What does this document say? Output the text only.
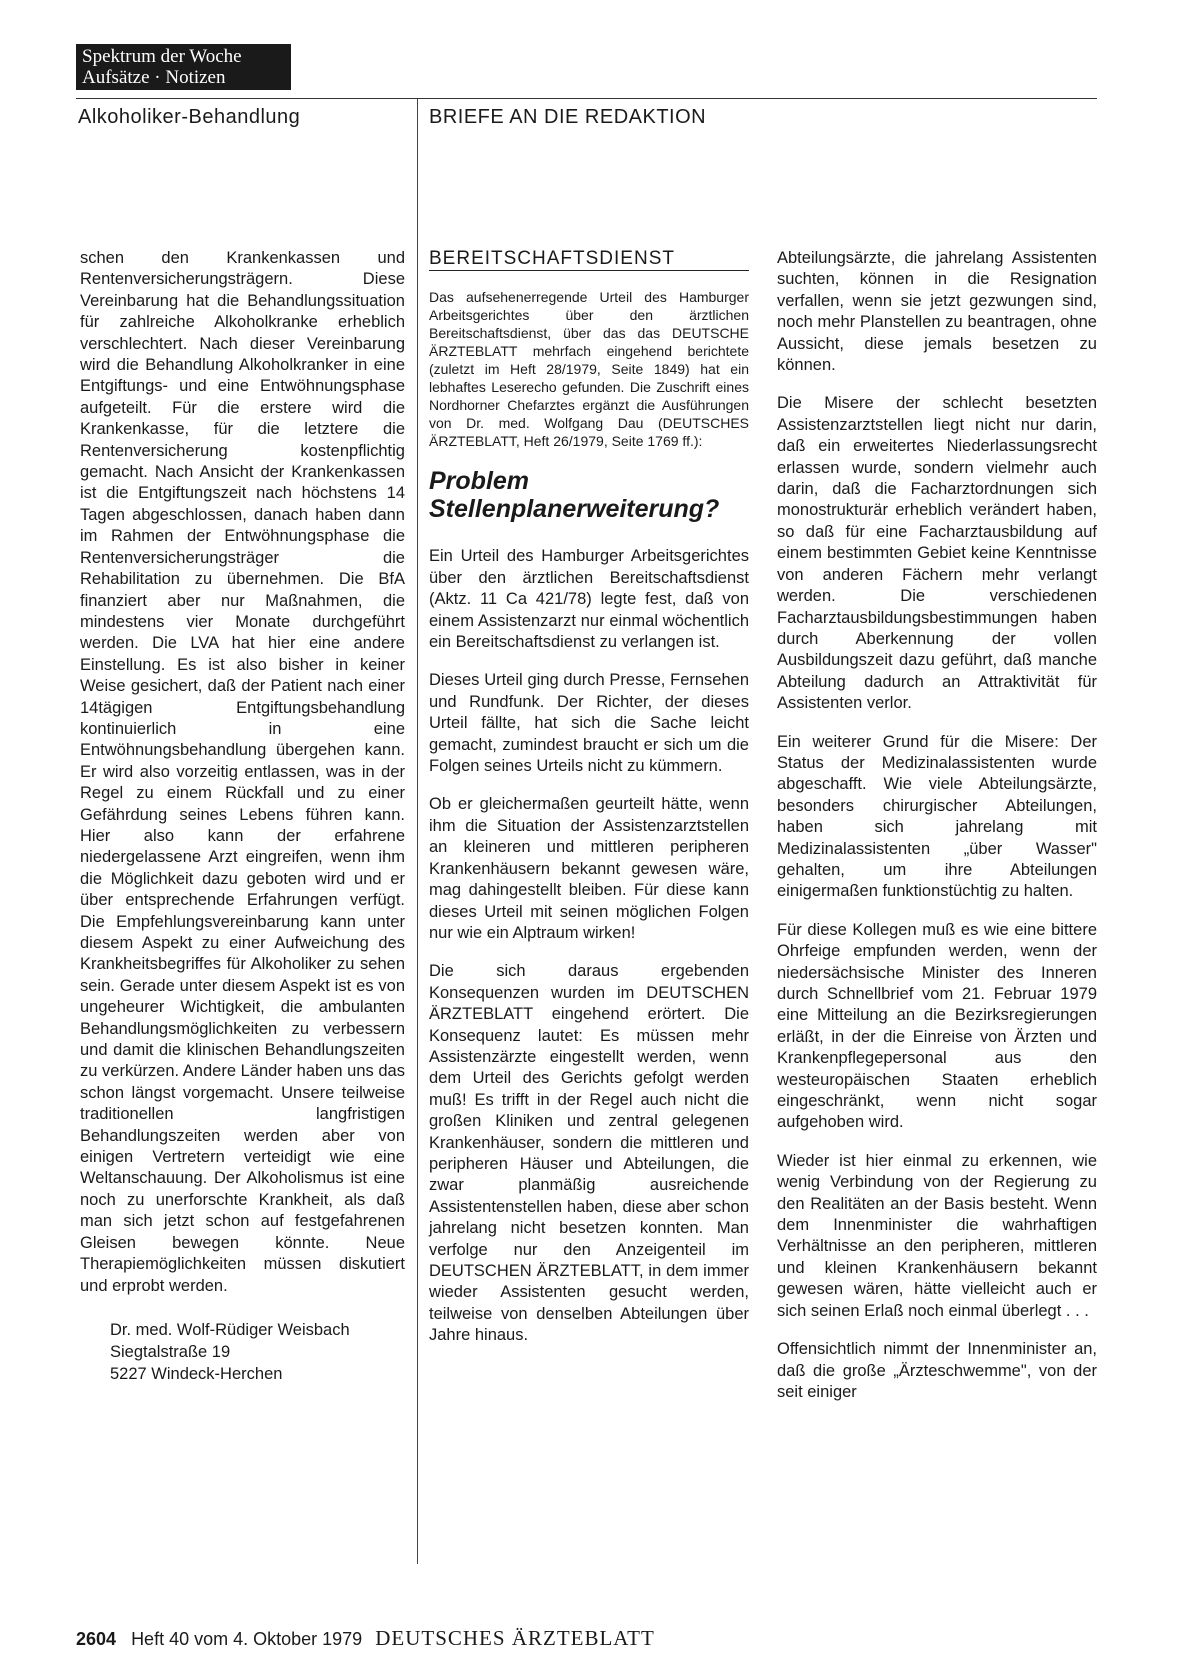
Spektrum der Woche
Aufsätze · Notizen
Alkoholiker-Behandlung	BRIEFE AN DIE REDAKTION

schen den Krankenkassen und Rentenversicherungsträgern. Diese Vereinbarung hat die Behandlungssituation für zahlreiche Alkoholkranke erheblich verschlechtert. Nach dieser Vereinbarung wird die Behandlung Alkoholkranker in eine Entgiftungs- und eine Entwöhnungsphase aufgeteilt. Für die erstere wird die Krankenkasse, für die letztere die Rentenversicherung kostenpflichtig gemacht. Nach Ansicht der Krankenkassen ist die Entgiftungszeit nach höchstens 14 Tagen abgeschlossen, danach haben dann im Rahmen der Entwöhnungsphase die Rentenversicherungsträger die Rehabilitation zu übernehmen. Die BfA finanziert aber nur Maßnahmen, die mindestens vier Monate durchgeführt werden. Die LVA hat hier eine andere Einstellung. Es ist also bisher in keiner Weise gesichert, daß der Patient nach einer 14tägigen Entgiftungsbehandlung kontinuierlich in eine Entwöhnungsbehandlung übergehen kann. Er wird also vorzeitig entlassen, was in der Regel zu einem Rückfall und zu einer Gefährdung seines Lebens führen kann. Hier also kann der erfahrene niedergelassene Arzt eingreifen, wenn ihm die Möglichkeit dazu geboten wird und er über entsprechende Erfahrungen verfügt. Die Empfehlungsvereinbarung kann unter diesem Aspekt zu einer Aufweichung des Krankheitsbegriffes für Alkoholiker zu sehen sein. Gerade unter diesem Aspekt ist es von ungeheurer Wichtigkeit, die ambulanten Behandlungsmöglichkeiten zu verbessern und damit die klinischen Behandlungszeiten zu verkürzen. Andere Länder haben uns das schon längst vorgemacht. Unsere teilweise traditionellen langfristigen Behandlungszeiten werden aber von einigen Vertretern verteidigt wie eine Weltanschauung. Der Alkoholismus ist eine noch zu unerforschte Krankheit, als daß man sich jetzt schon auf festgefahrenen Gleisen bewegen könnte. Neue Therapiemöglichkeiten müssen diskutiert und erprobt werden.

Dr. med. Wolf-Rüdiger Weisbach
Siegtalstraße 19
5227 Windeck-Herchen
BEREITSCHAFTSDIENST

Das aufsehenerregende Urteil des Hamburger Arbeitsgerichtes über den ärztlichen Bereitschaftsdienst, über das das DEUTSCHE ÄRZTEBLATT mehrfach eingehend berichtete (zuletzt im Heft 28/1979, Seite 1849) hat ein lebhaftes Leserecho gefunden. Die Zuschrift eines Nordhorner Chefarztes ergänzt die Ausführungen von Dr. med. Wolfgang Dau (DEUTSCHES ÄRZTEBLATT, Heft 26/1979, Seite 1769 ff.):

Problem
Stellenplanerweiterung?

Ein Urteil des Hamburger Arbeitsgerichtes über den ärztlichen Bereitschaftsdienst (Aktz. 11 Ca 421/78) legte fest, daß von einem Assistenzarzt nur einmal wöchentlich ein Bereitschaftsdienst zu verlangen ist.

Dieses Urteil ging durch Presse, Fernsehen und Rundfunk. Der Richter, der dieses Urteil fällte, hat sich die Sache leicht gemacht, zumindest braucht er sich um die Folgen seines Urteils nicht zu kümmern.

Ob er gleichermaßen geurteilt hätte, wenn ihm die Situation der Assistenzarztstellen an kleineren und mittleren peripheren Krankenhäusern bekannt gewesen wäre, mag dahingestellt bleiben. Für diese kann dieses Urteil mit seinen möglichen Folgen nur wie ein Alptraum wirken!

Die sich daraus ergebenden Konsequenzen wurden im DEUTSCHEN ÄRZTEBLATT eingehend erörtert. Die Konsequenz lautet: Es müssen mehr Assistenzärzte eingestellt werden, wenn dem Urteil des Gerichts gefolgt werden muß! Es trifft in der Regel auch nicht die großen Kliniken und zentral gelegenen Krankenhäuser, sondern die mittleren und peripheren Häuser und Abteilungen, die zwar planmäßig ausreichende Assistentenstellen haben, diese aber schon jahrelang nicht besetzen konnten. Man verfolge nur den Anzeigenteil im DEUTSCHEN ÄRZTEBLATT, in dem immer wieder Assistenten gesucht werden, teilweise von denselben Abteilungen über Jahre hinaus.

Abteilungsärzte, die jahrelang Assistenten suchten, können in die Resignation verfallen, wenn sie jetzt gezwungen sind, noch mehr Planstellen zu beantragen, ohne Aussicht, diese jemals besetzen zu können.

Die Misere der schlecht besetzten Assistenzarztstellen liegt nicht nur darin, daß ein erweitertes Niederlassungsrecht erlassen wurde, sondern vielmehr auch darin, daß die Facharztordnungen sich monostrukturär erheblich verändert haben, so daß für eine Facharztausbildung auf einem bestimmten Gebiet keine Kenntnisse von anderen Fächern mehr verlangt werden. Die verschiedenen Facharztausbildungsbestimmungen haben durch Aberkennung der vollen Ausbildungszeit dazu geführt, daß manche Abteilung dadurch an Attraktivität für Assistenten verlor.

Ein weiterer Grund für die Misere: Der Status der Medizinalassistenten wurde abgeschafft. Wie viele Abteilungsärzte, besonders chirurgischer Abteilungen, haben sich jahrelang mit Medizinalassistenten „über Wasser" gehalten, um ihre Abteilungen einigermaßen funktionstüchtig zu halten.

Für diese Kollegen muß es wie eine bittere Ohrfeige empfunden werden, wenn der niedersächsische Minister des Inneren durch Schnellbrief vom 21. Februar 1979 eine Mitteilung an die Bezirksregierungen erläßt, in der die Einreise von Ärzten und Krankenpflegepersonal aus den westeuropäischen Staaten erheblich eingeschränkt, wenn nicht sogar aufgehoben wird.

Wieder ist hier einmal zu erkennen, wie wenig Verbindung von der Regierung zu den Realitäten an der Basis besteht. Wenn dem Innenminister die wahrhaftigen Verhältnisse an den peripheren, mittleren und kleinen Krankenhäusern bekannt gewesen wären, hätte vielleicht auch er sich seinen Erlaß noch einmal überlegt . . .

Offensichtlich nimmt der Innenminister an, daß die große „Ärzteschwemme", von der seit einiger

2604 Heft 40 vom 4. Oktober 1979 DEUTSCHES ÄRZTEBLATT
